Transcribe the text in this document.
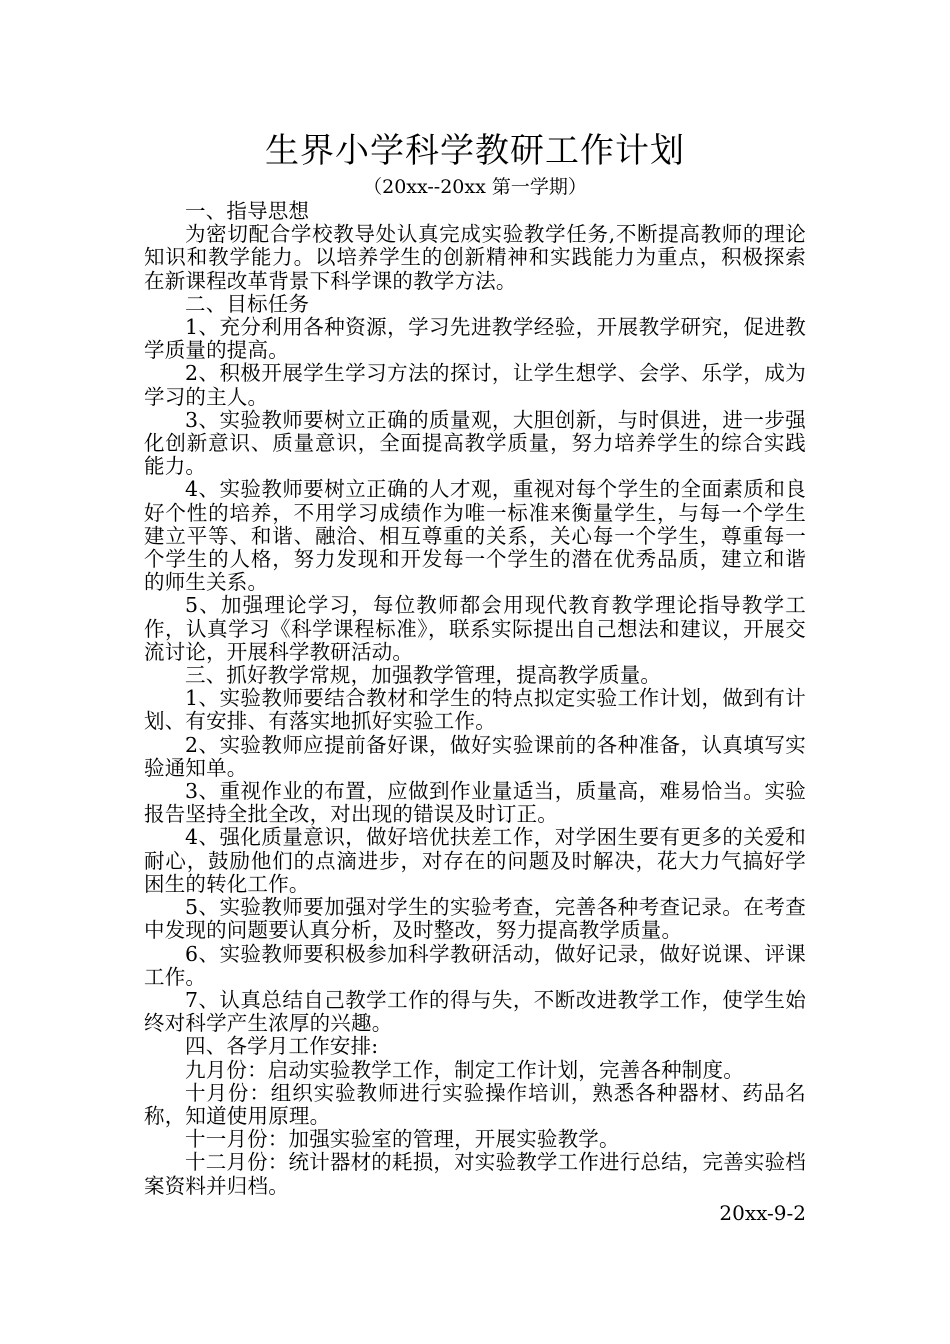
生界小学科学教研工作计划

（20xx--20xx 第一学期）

一、指导思想

为密切配合学校教导处认真完成实验教学任务,不断提高教师的理论知识和教学能力。以培养学生的创新精神和实践能力为重点，积极探索在新课程改革背景下科学课的教学方法。

二、目标任务

1、充分利用各种资源，学习先进教学经验，开展教学研究，促进教学质量的提高。

2、积极开展学生学习方法的探讨，让学生想学、会学、乐学，成为学习的主人。

3、实验教师要树立正确的质量观，大胆创新，与时俱进，进一步强化创新意识、质量意识，全面提高教学质量，努力培养学生的综合实践能力。

4、实验教师要树立正确的人才观，重视对每个学生的全面素质和良好个性的培养，不用学习成绩作为唯一标准来衡量学生，与每一个学生建立平等、和谐、融洽、相互尊重的关系，关心每一个学生，尊重每一个学生的人格，努力发现和开发每一个学生的潜在优秀品质，建立和谐的师生关系。

5、加强理论学习，每位教师都会用现代教育教学理论指导教学工作，认真学习《科学课程标准》，联系实际提出自己想法和建议，开展交流讨论，开展科学教研活动。

三、抓好教学常规，加强教学管理，提高教学质量。

1、实验教师要结合教材和学生的特点拟定实验工作计划，做到有计划、有安排、有落实地抓好实验工作。

2、实验教师应提前备好课，做好实验课前的各种准备，认真填写实验通知单。

3、重视作业的布置，应做到作业量适当，质量高，难易恰当。实验报告坚持全批全改，对出现的错误及时订正。

4、强化质量意识，做好培优扶差工作，对学困生要有更多的关爱和耐心，鼓励他们的点滴进步，对存在的问题及时解决，花大力气搞好学困生的转化工作。

5、实验教师要加强对学生的实验考查，完善各种考查记录。在考查中发现的问题要认真分析，及时整改，努力提高教学质量。

6、实验教师要积极参加科学教研活动，做好记录，做好说课、评课工作。

7、认真总结自己教学工作的得与失，不断改进教学工作，使学生始终对科学产生浓厚的兴趣。

四、各学月工作安排:

九月份：启动实验教学工作，制定工作计划，完善各种制度。

十月份：组织实验教师进行实验操作培训，熟悉各种器材、药品名称，知道使用原理。

十一月份：加强实验室的管理，开展实验教学。

十二月份：统计器材的耗损，对实验教学工作进行总结，完善实验档案资料并归档。

20xx-9-2
